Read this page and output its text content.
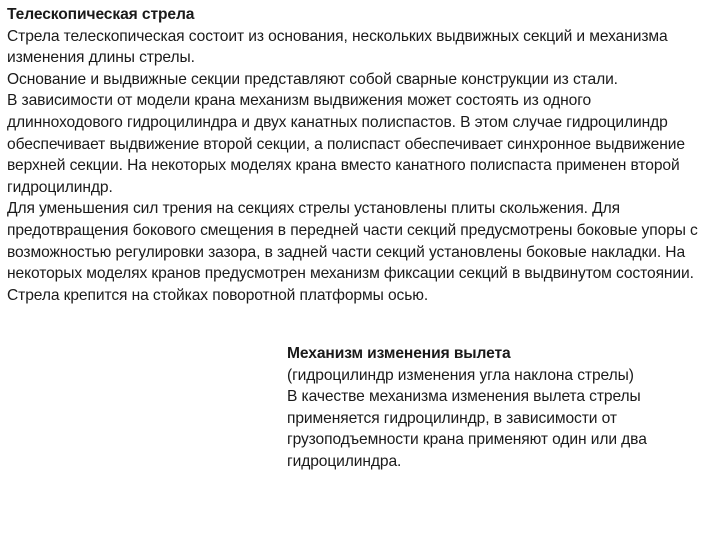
Телескопическая стрела

Стрела телескопическая состоит из основания, нескольких выдвижных секций и механизма изменения длины стрелы.

Основание и выдвижные секции представляют собой сварные конструкции из стали.

В зависимости от модели крана механизм выдвижения может состоять из одного длинноходового гидроцилиндра и двух канатных полиспастов. В этом случае гидроцилиндр обеспечивает выдвижение второй секции, а полиспаст обеспечивает синхронное выдвижение верхней секции. На некоторых моделях крана вместо канатного полиспаста применен второй гидроцилиндр.

Для уменьшения сил трения на секциях стрелы установлены плиты скольжения. Для предотвращения бокового смещения в передней части секций предусмотрены боковые упоры с возможностью регулировки зазора, в задней части секций установлены боковые накладки. На некоторых моделях кранов предусмотрен механизм фиксации секций в выдвинутом состоянии.

Стрела крепится на стойках поворотной платформы осью.

Механизм изменения вылета

(гидроцилиндр изменения угла наклона стрелы)

В качестве механизма изменения вылета стрелы применяется гидроцилиндр, в зависимости от грузоподъемности крана применяют один или два гидроцилиндра.
